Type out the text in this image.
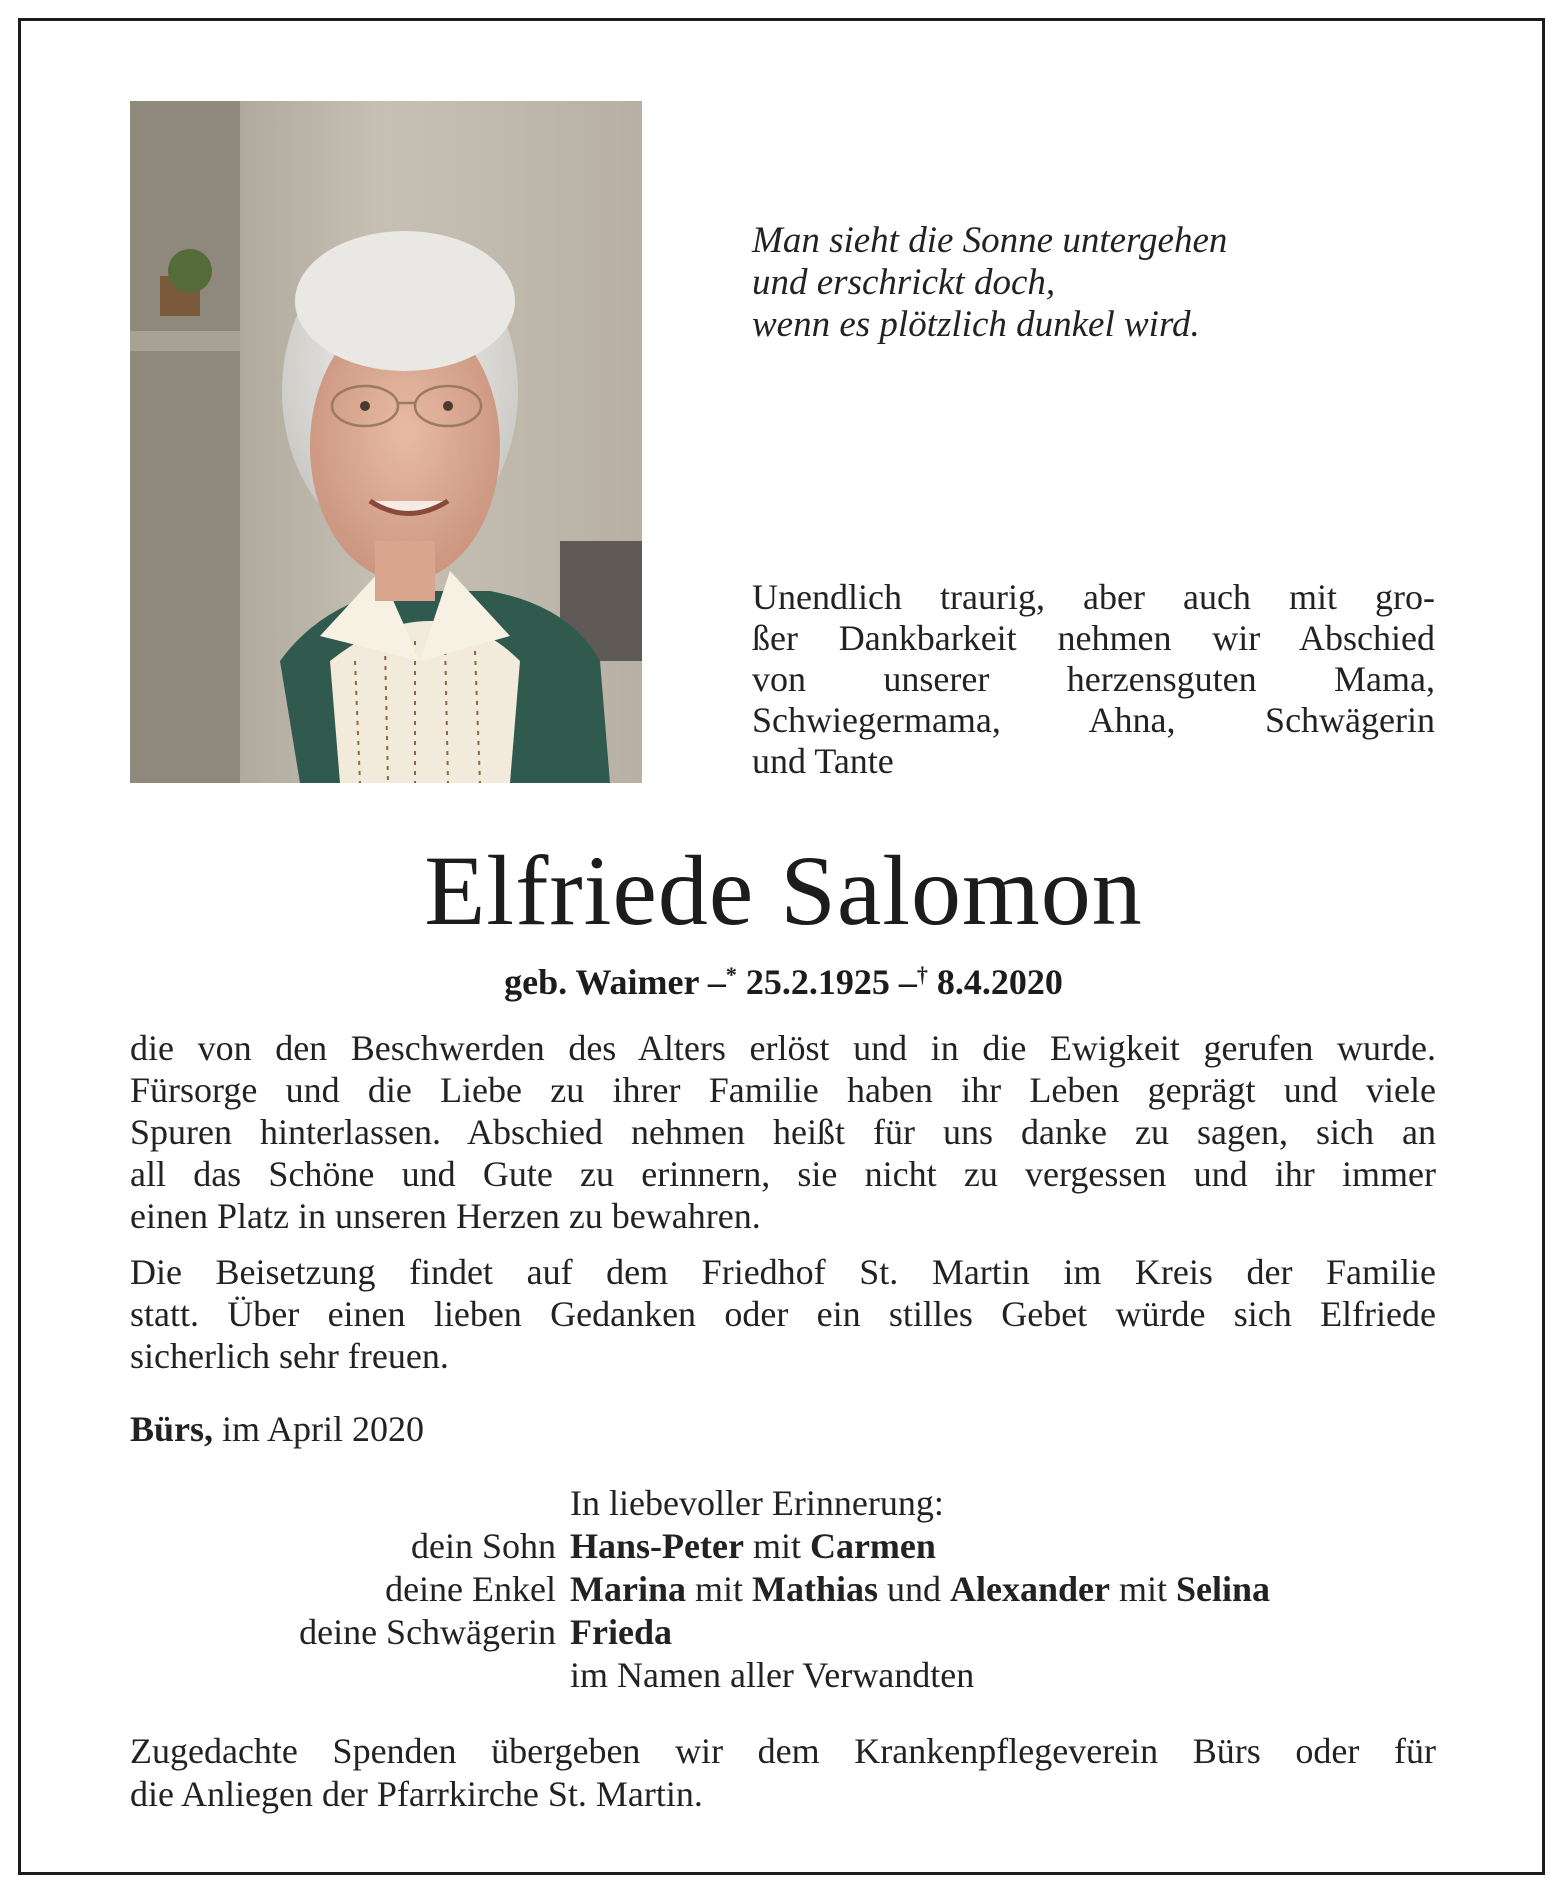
Man sieht die Sonne untergehen
und erschrickt doch,
wenn es plötzlich dunkel wird.
Unendlich traurig, aber auch mit gro-
ßer Dankbarkeit nehmen wir Abschied
von unserer herzensguten Mama,
Schwiegermama, Ahna, Schwägerin
und Tante
Elfriede Salomon
geb. Waimer –* 25.2.1925 –† 8.4.2020
die von den Beschwerden des Alters erlöst und in die Ewigkeit gerufen wurde.
Fürsorge und die Liebe zu ihrer Familie haben ihr Leben geprägt und viele
Spuren hinterlassen. Abschied nehmen heißt für uns danke zu sagen, sich an
all das Schöne und Gute zu erinnern, sie nicht zu vergessen und ihr immer
einen Platz in unseren Herzen zu bewahren.
Die Beisetzung findet auf dem Friedhof St. Martin im Kreis der Familie
statt. Über einen lieben Gedanken oder ein stilles Gebet würde sich Elfriede
sicherlich sehr freuen.
Bürs, im April 2020
In liebevoller Erinnerung:
dein Sohn Hans-Peter mit Carmen
deine Enkel Marina mit Mathias und Alexander mit Selina
deine Schwägerin Frieda
im Namen aller Verwandten
Zugedachte Spenden übergeben wir dem Krankenpflegeverein Bürs oder für
die Anliegen der Pfarrkirche St. Martin.
